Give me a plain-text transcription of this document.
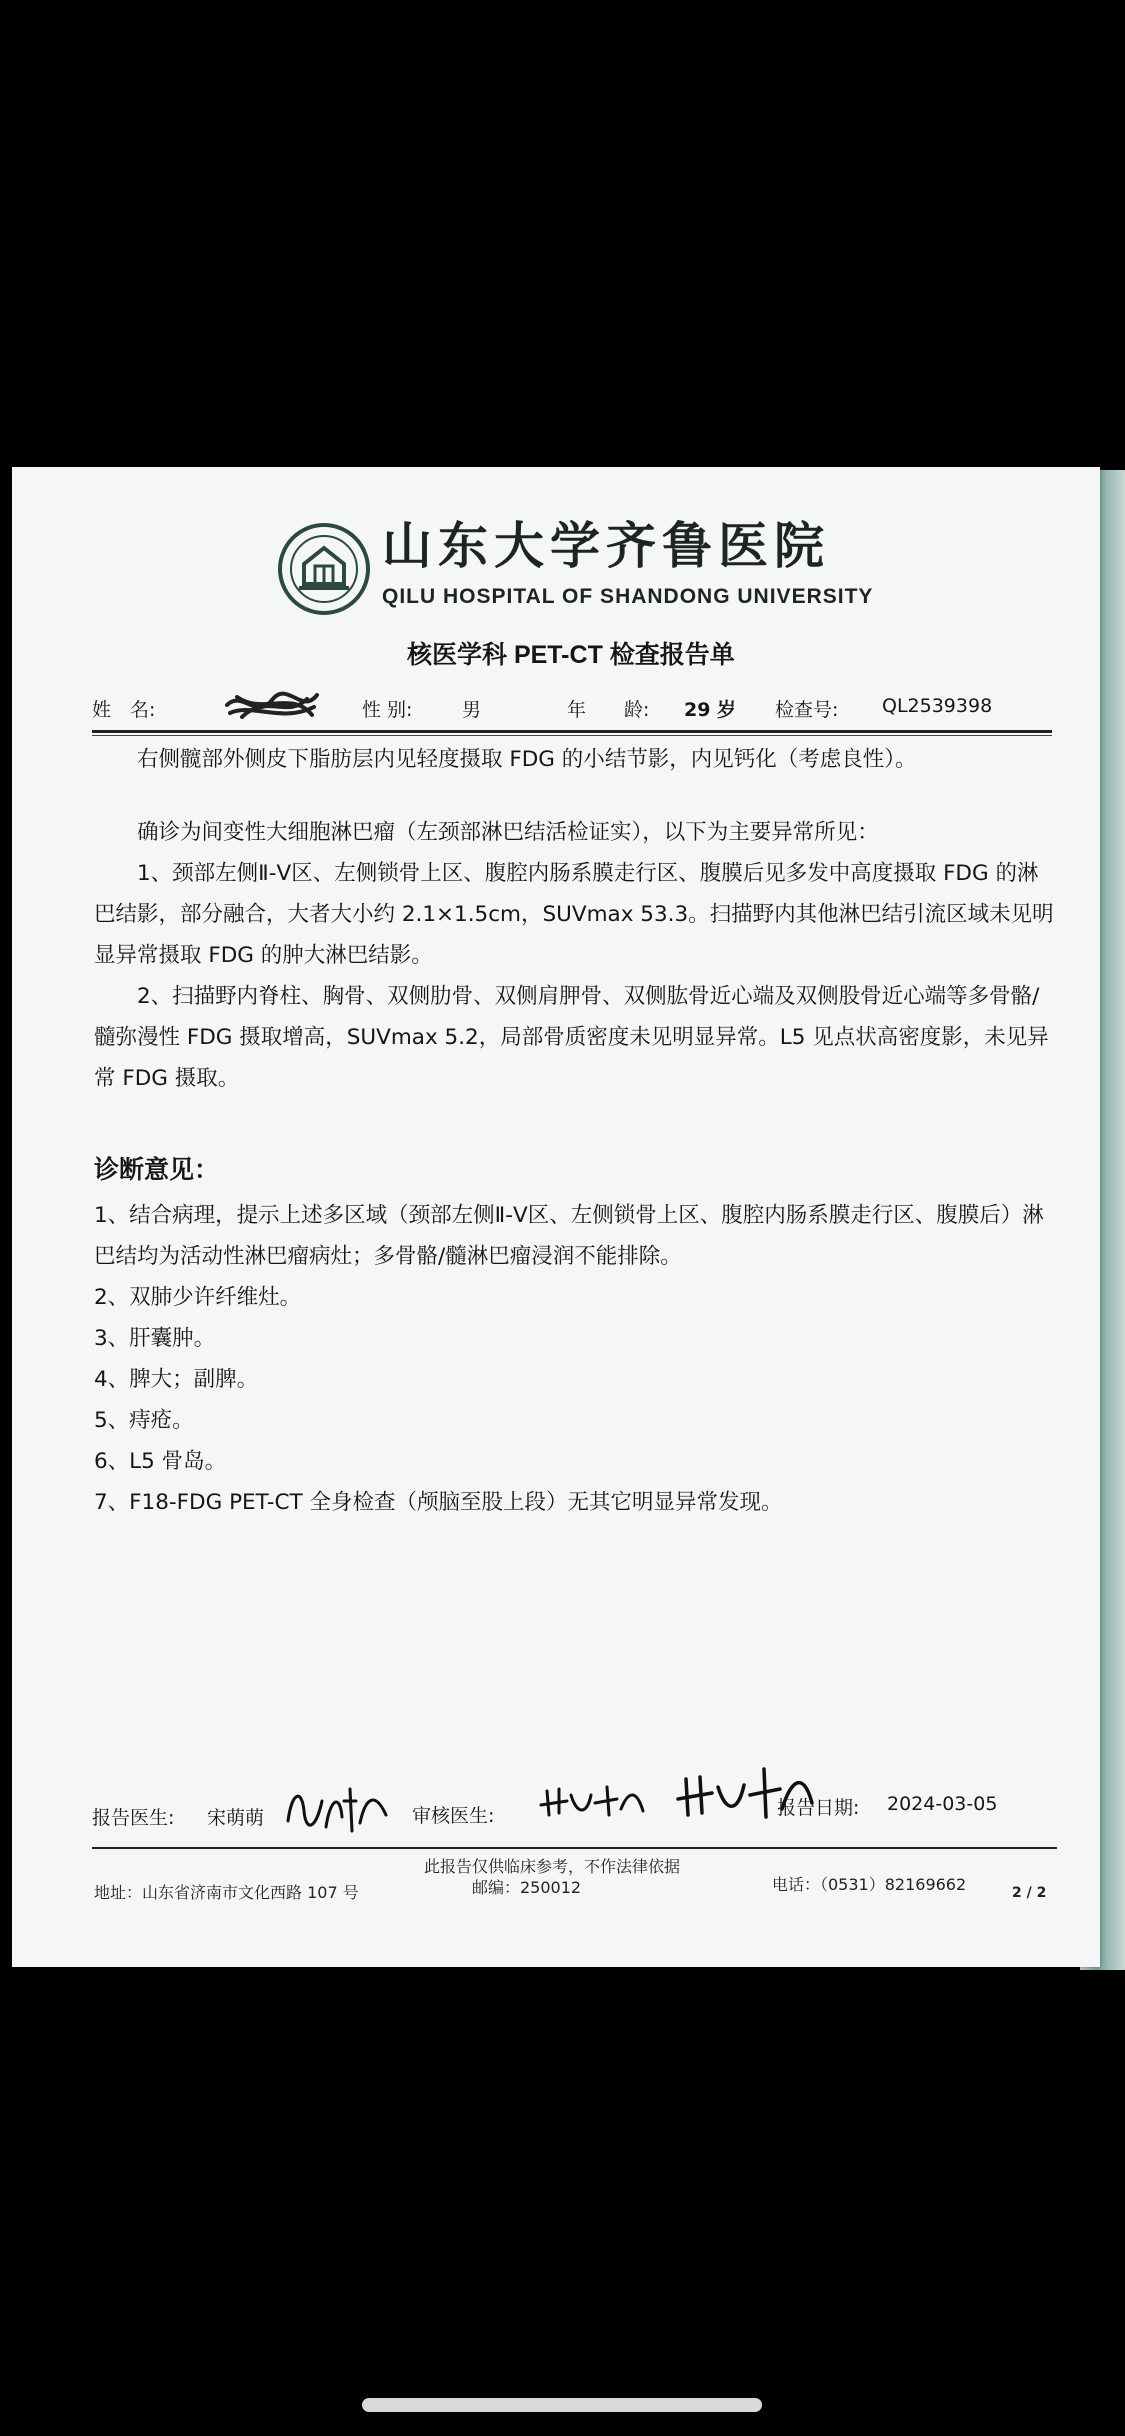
山东大学齐鲁医院
QILU HOSPITAL OF SHANDONG UNIVERSITY
核医学科 PET-CT 检查报告单
姓　名:	性 别:	男	年　　龄: 29 岁 检查号: QL2539398

右侧髋部外侧皮下脂肪层内见轻度摄取 FDG 的小结节影，内见钙化（考虑良性）。

确诊为间变性大细胞淋巴瘤（左颈部淋巴结活检证实），以下为主要异常所见：

1、颈部左侧Ⅱ-Ⅴ区、左侧锁骨上区、腹腔内肠系膜走行区、腹膜后见多发中高度摄取 FDG 的淋巴结影，部分融合，大者大小约 2.1×1.5cm，SUVmax 53.3。扫描野内其他淋巴结引流区域未见明显异常摄取 FDG 的肿大淋巴结影。

2、扫描野内脊柱、胸骨、双侧肋骨、双侧肩胛骨、双侧肱骨近心端及双侧股骨近心端等多骨骼/髓弥漫性 FDG 摄取增高，SUVmax 5.2，局部骨质密度未见明显异常。L5 见点状高密度影，未见异常 FDG 摄取。

诊断意见：
1、结合病理，提示上述多区域（颈部左侧Ⅱ-Ⅴ区、左侧锁骨上区、腹腔内肠系膜走行区、腹膜后）淋巴结均为活动性淋巴瘤病灶；多骨骼/髓淋巴瘤浸润不能排除。
2、双肺少许纤维灶。
3、肝囊肿。
4、脾大；副脾。
5、痔疮。
6、L5 骨岛。
7、F18-FDG PET-CT 全身检查（颅脑至股上段）无其它明显异常发现。
报告医生: 宋萌萌	审核医生:	报告日期: 2024-03-05
此报告仅供临床参考，不作法律依据
地址：山东省济南市文化西路 107 号	邮编：250012	电话：（0531）82169662	2 / 2
